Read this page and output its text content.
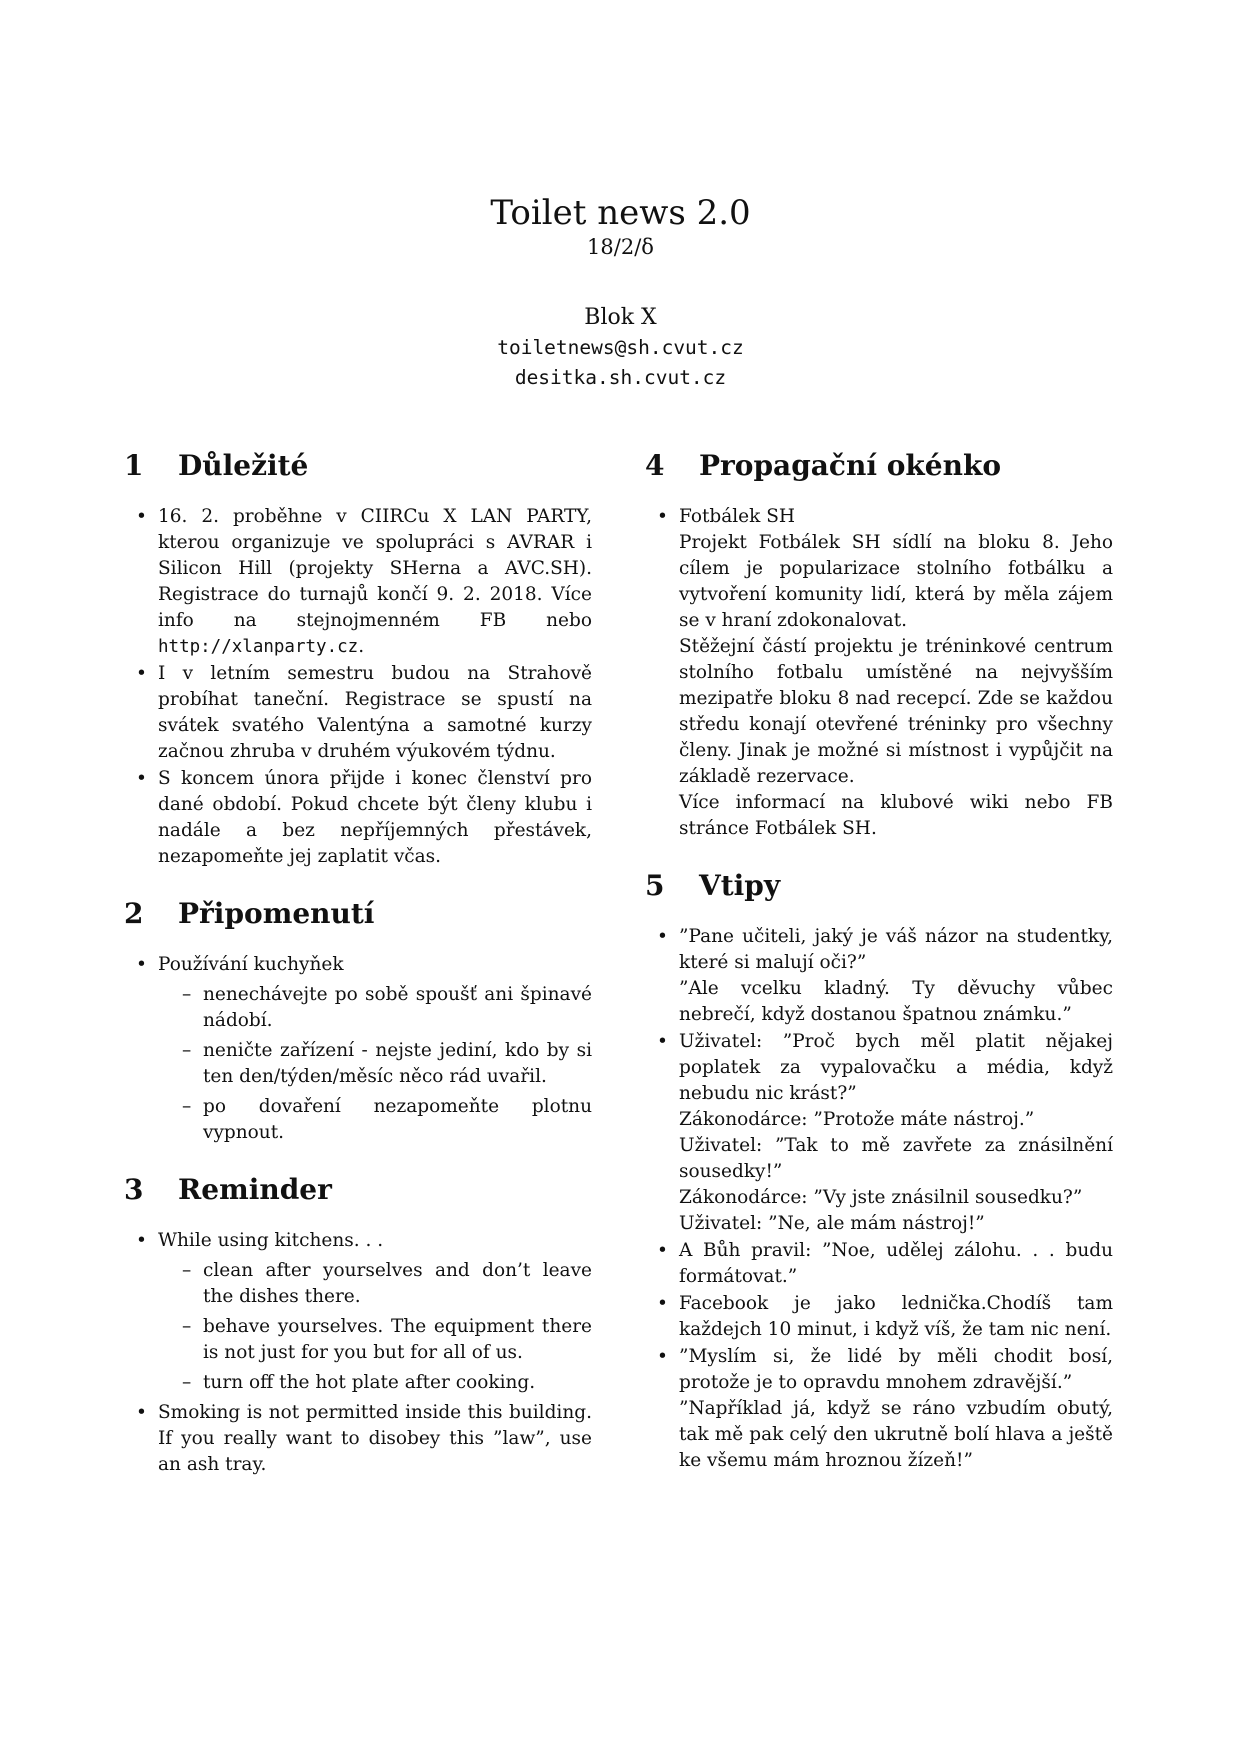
Toilet news 2.0
18/2/δ
Blok X
toiletnews@sh.cvut.cz
desitka.sh.cvut.cz
1	Důležité
• 16. 2. proběhne v CIIRCu X LAN PARTY, kterou organizuje ve spolupráci s AVRAR i Silicon Hill (projekty SHerna a AVC.SH). Registrace do turnajů končí 9. 2. 2018. Více info na stejnojmenném FB nebo http://xlanparty.cz.
• I v letním semestru budou na Strahově probíhat taneční. Registrace se spustí na svátek svatého Valentýna a samotné kurzy začnou zhruba v druhém výukovém týdnu.
• S koncem února přijde i konec členství pro dané období. Pokud chcete být členy klubu i nadále a bez nepříjemných přestávek, nezapomeňte jej zaplatit včas.
2	Připomenutí
• Používání kuchyňek
– nenechávejte po sobě spoušť ani špinavé nádobí.
– neničte zařízení - nejste jediní, kdo by si ten den/týden/měsíc něco rád uvařil.
– po dovaření nezapomeňte plotnu vypnout.
3	Reminder
• While using kitchens. . .
– clean after yourselves and don’t leave the dishes there.
– behave yourselves. The equipment there is not just for you but for all of us.
– turn off the hot plate after cooking.
• Smoking is not permitted inside this building. If you really want to disobey this ”law”, use an ash tray.
4	Propagační okénko
• Fotbálek SH
Projekt Fotbálek SH sídlí na bloku 8. Jeho cílem je popularizace stolního fotbálku a vytvoření komunity lidí, která by měla zájem se v hraní zdokonalovat.
Stěžejní částí projektu je tréninkové centrum stolního fotbalu umístěné na nejvyšším mezipatře bloku 8 nad recepcí. Zde se každou středu konají otevřené tréninky pro všechny členy. Jinak je možné si místnost i vypůjčit na základě rezervace.
Více informací na klubové wiki nebo FB stránce Fotbálek SH.
5	Vtipy
• ”Pane učiteli, jaký je váš názor na studentky, které si malují oči?”
”Ale vcelku kladný. Ty děvuchy vůbec nebrečí, když dostanou špatnou známku.”
• Uživatel: ”Proč bych měl platit nějakej poplatek za vypalovačku a média, když nebudu nic krást?”
Zákonodárce: ”Protože máte nástroj.”
Uživatel: ”Tak to mě zavřete za znásilnění sousedky!”
Zákonodárce: ”Vy jste znásilnil sousedku?”
Uživatel: ”Ne, ale mám nástroj!”
• A Bůh pravil: ”Noe, udělej zálohu. . . budu formátovat.”
• Facebook je jako lednička.Chodíš tam každejch 10 minut, i když víš, že tam nic není.
• ”Myslím si, že lidé by měli chodit bosí, protože je to opravdu mnohem zdravější.”
”Například já, když se ráno vzbudím obutý, tak mě pak celý den ukrutně bolí hlava a ještě ke všemu mám hroznou žízeň!”
